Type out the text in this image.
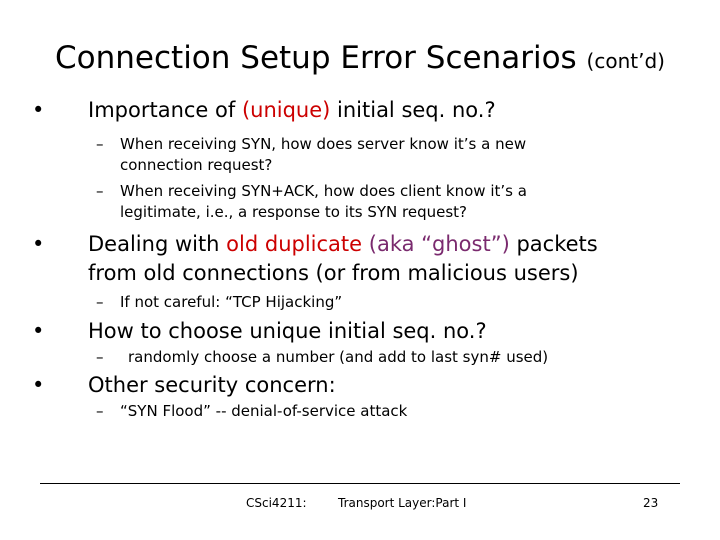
Connection Setup Error Scenarios (cont’d)
• Importance of (unique) initial seq. no.?
– When receiving SYN, how does server know it’s a new
connection request?
– When receiving SYN+ACK, how does client know it’s a
legitimate, i.e., a response to its SYN request?
• Dealing with old duplicate (aka “ghost”) packets
from old connections (or from malicious users)
– If not careful: “TCP Hijacking”
• How to choose unique initial seq. no.?
– randomly choose a number (and add to last syn# used)
• Other security concern:
– “SYN Flood” -- denial-of-service attack
CSci4211:	Transport Layer:Part I	23
